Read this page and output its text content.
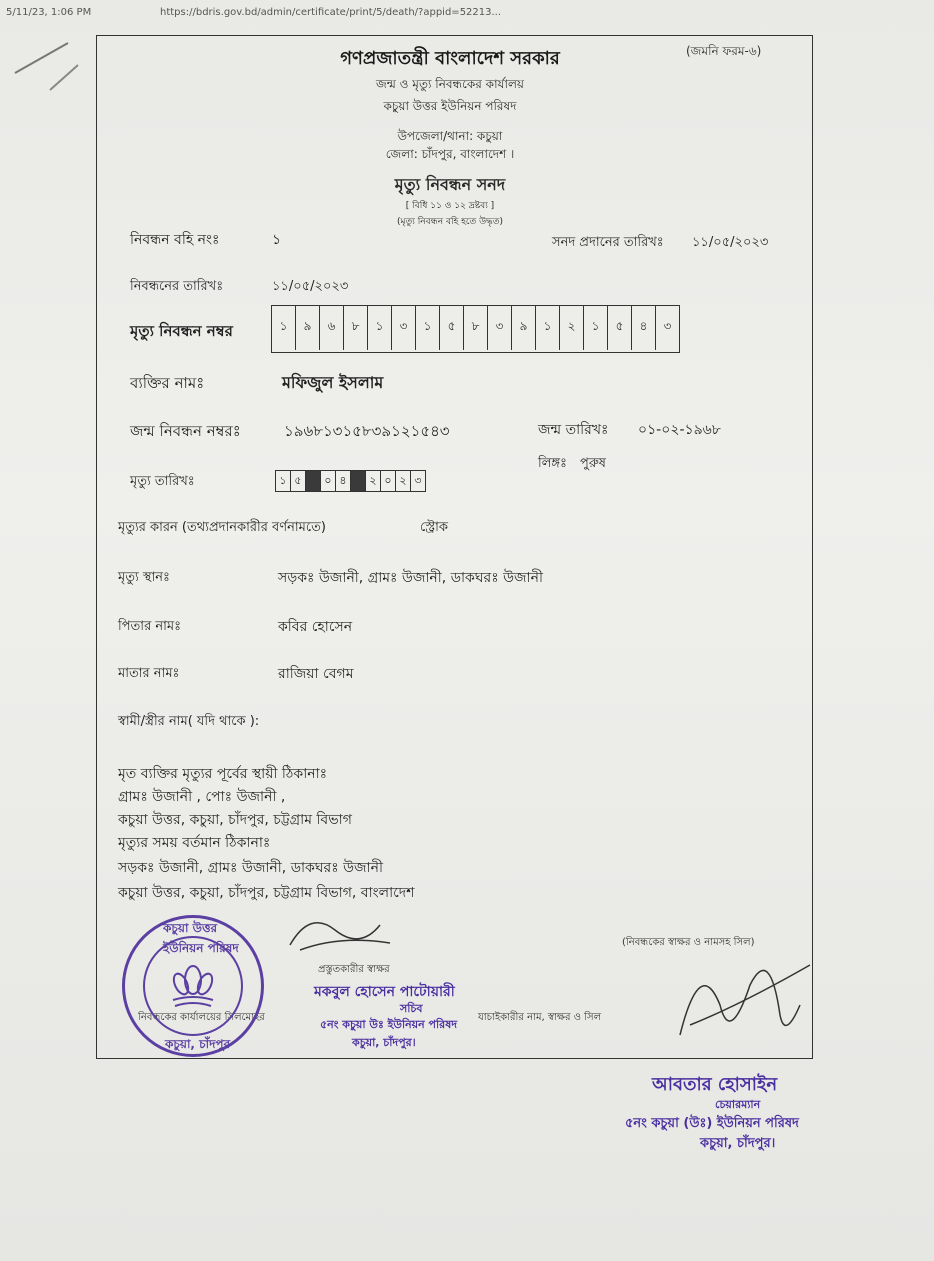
5/11/23, 1:06 PM	https://bdris.gov.bd/admin/certificate/print/5/death/?appid=52213...
(জমনি ফরম-৬)
গণপ্রজাতন্ত্রী বাংলাদেশ সরকার
জন্ম ও মৃত্যু নিবন্ধকের কার্যালয়
কচুয়া উত্তর ইউনিয়ন পরিষদ
উপজেলা/থানা: কচুয়া
জেলা: চাঁদপুর, বাংলাদেশ ।
মৃত্যু নিবন্ধন সনদ
[ বিধি ১১ ও ১২ দ্রষ্টব্য ]
(মৃত্যু নিবন্ধন বহি হতে উদ্ধৃত)
নিবন্ধন বহি নংঃ	১	সনদ প্রদানের তারিখঃ ১১/০৫/২০২৩
নিবন্ধনের তারিখঃ	১১/০৫/২০২৩
মৃত্যু নিবন্ধন নম্বর	১	৯	৬	৮	১	৩	১	৫	৮	৩	৯	১	২	১	৫	৪	৩
ব্যক্তির নামঃ	মফিজুল ইসলাম
জন্ম নিবন্ধন নম্বরঃ	১৯৬৮১৩১৫৮৩৯১২১৫৪৩	জন্ম তারিখঃ ০১-০২-১৯৬৮
লিঙ্গঃ পুরুষ
মৃত্যু তারিখঃ	১ ৫	০ ৪	২ ০ ২ ৩
মৃত্যুর কারন (তথ্যপ্রদানকারীর বর্ণনামতে)	স্ট্রোক
মৃত্যু স্থানঃ	সড়কঃ উজানী, গ্রামঃ উজানী, ডাকঘরঃ উজানী
পিতার নামঃ	কবির হোসেন
মাতার নামঃ	রাজিয়া বেগম
স্বামী/স্ত্রীর নাম( যদি থাকে ):
মৃত ব্যক্তির মৃত্যুর পূর্বের স্থায়ী ঠিকানাঃ
গ্রামঃ উজানী , পোঃ উজানী ,
কচুয়া উত্তর, কচুয়া, চাঁদপুর, চট্টগ্রাম বিভাগ
মৃত্যুর সময় বর্তমান ঠিকানাঃ
সড়কঃ উজানী, গ্রামঃ উজানী, ডাকঘরঃ উজানী
কচুয়া উত্তর, কচুয়া, চাঁদপুর, চট্টগ্রাম বিভাগ, বাংলাদেশ
(নিবন্ধকের স্বাক্ষর ও নামসহ সিল)
প্রস্তুতকারীর স্বাক্ষর
নিবন্ধকের কার্যালয়ের সিলমোহর	যাচাইকারীর নাম, স্বাক্ষর ও সিল
কচুয়া উত্তর ইউনিয়ন পরিষদ
কচুয়া, চাঁদপুর
মকবুল হোসেন পাটোয়ারী
সচিব
৫নং কচুয়া উঃ ইউনিয়ন পরিষদ
কচুয়া, চাঁদপুর।
আবতার হোসাইন
চেয়ারম্যান
৫নং কচুয়া (উঃ) ইউনিয়ন পরিষদ
কচুয়া, চাঁদপুর।
